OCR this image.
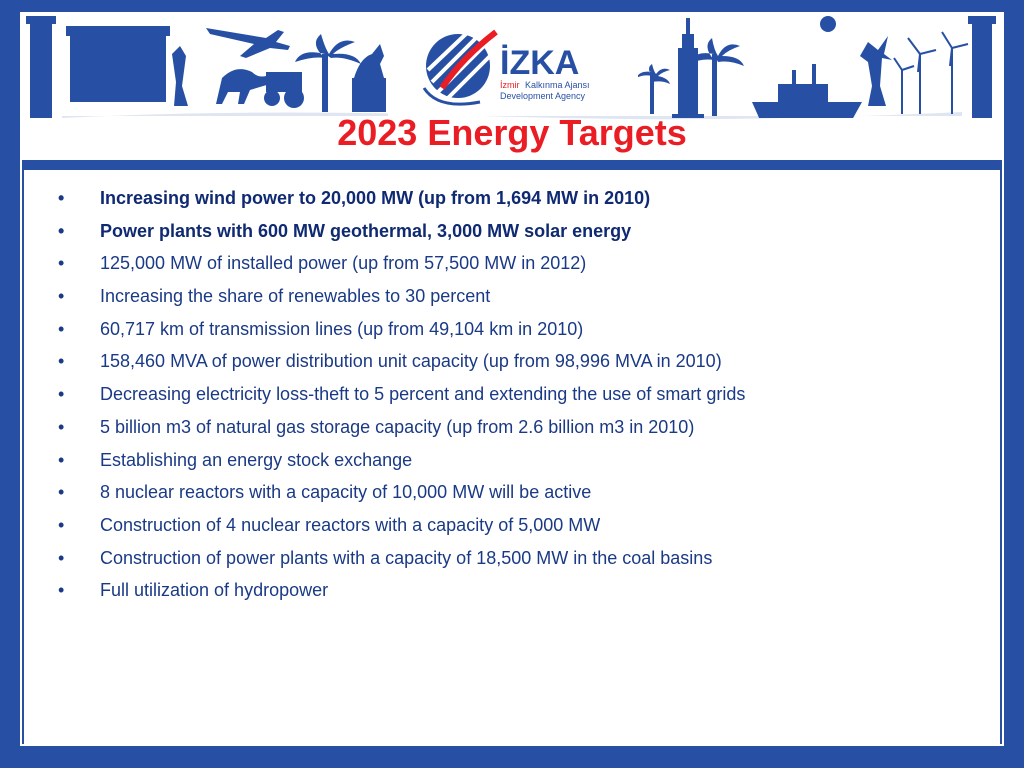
İZKA
İzmir Kalkınma Ajansı
Development Agency
2023 Energy Targets
• Increasing wind power to 20,000 MW (up from 1,694 MW in 2010)
• Power plants with 600 MW geothermal, 3,000 MW solar energy
• 125,000 MW of installed power (up from 57,500 MW in 2012)
• Increasing the share of renewables to 30 percent
• 60,717 km of transmission lines (up from 49,104 km in 2010)
• 158,460 MVA of power distribution unit capacity (up from 98,996 MVA in 2010)
• Decreasing electricity loss-theft to 5 percent and extending the use of smart grids
• 5 billion m3 of natural gas storage capacity (up from 2.6 billion m3 in 2010)
• Establishing an energy stock exchange
• 8 nuclear reactors with a capacity of 10,000 MW will be active
• Construction of 4 nuclear reactors with a capacity of 5,000 MW
• Construction of power plants with a capacity of 18,500 MW in the coal basins
• Full utilization of hydropower
